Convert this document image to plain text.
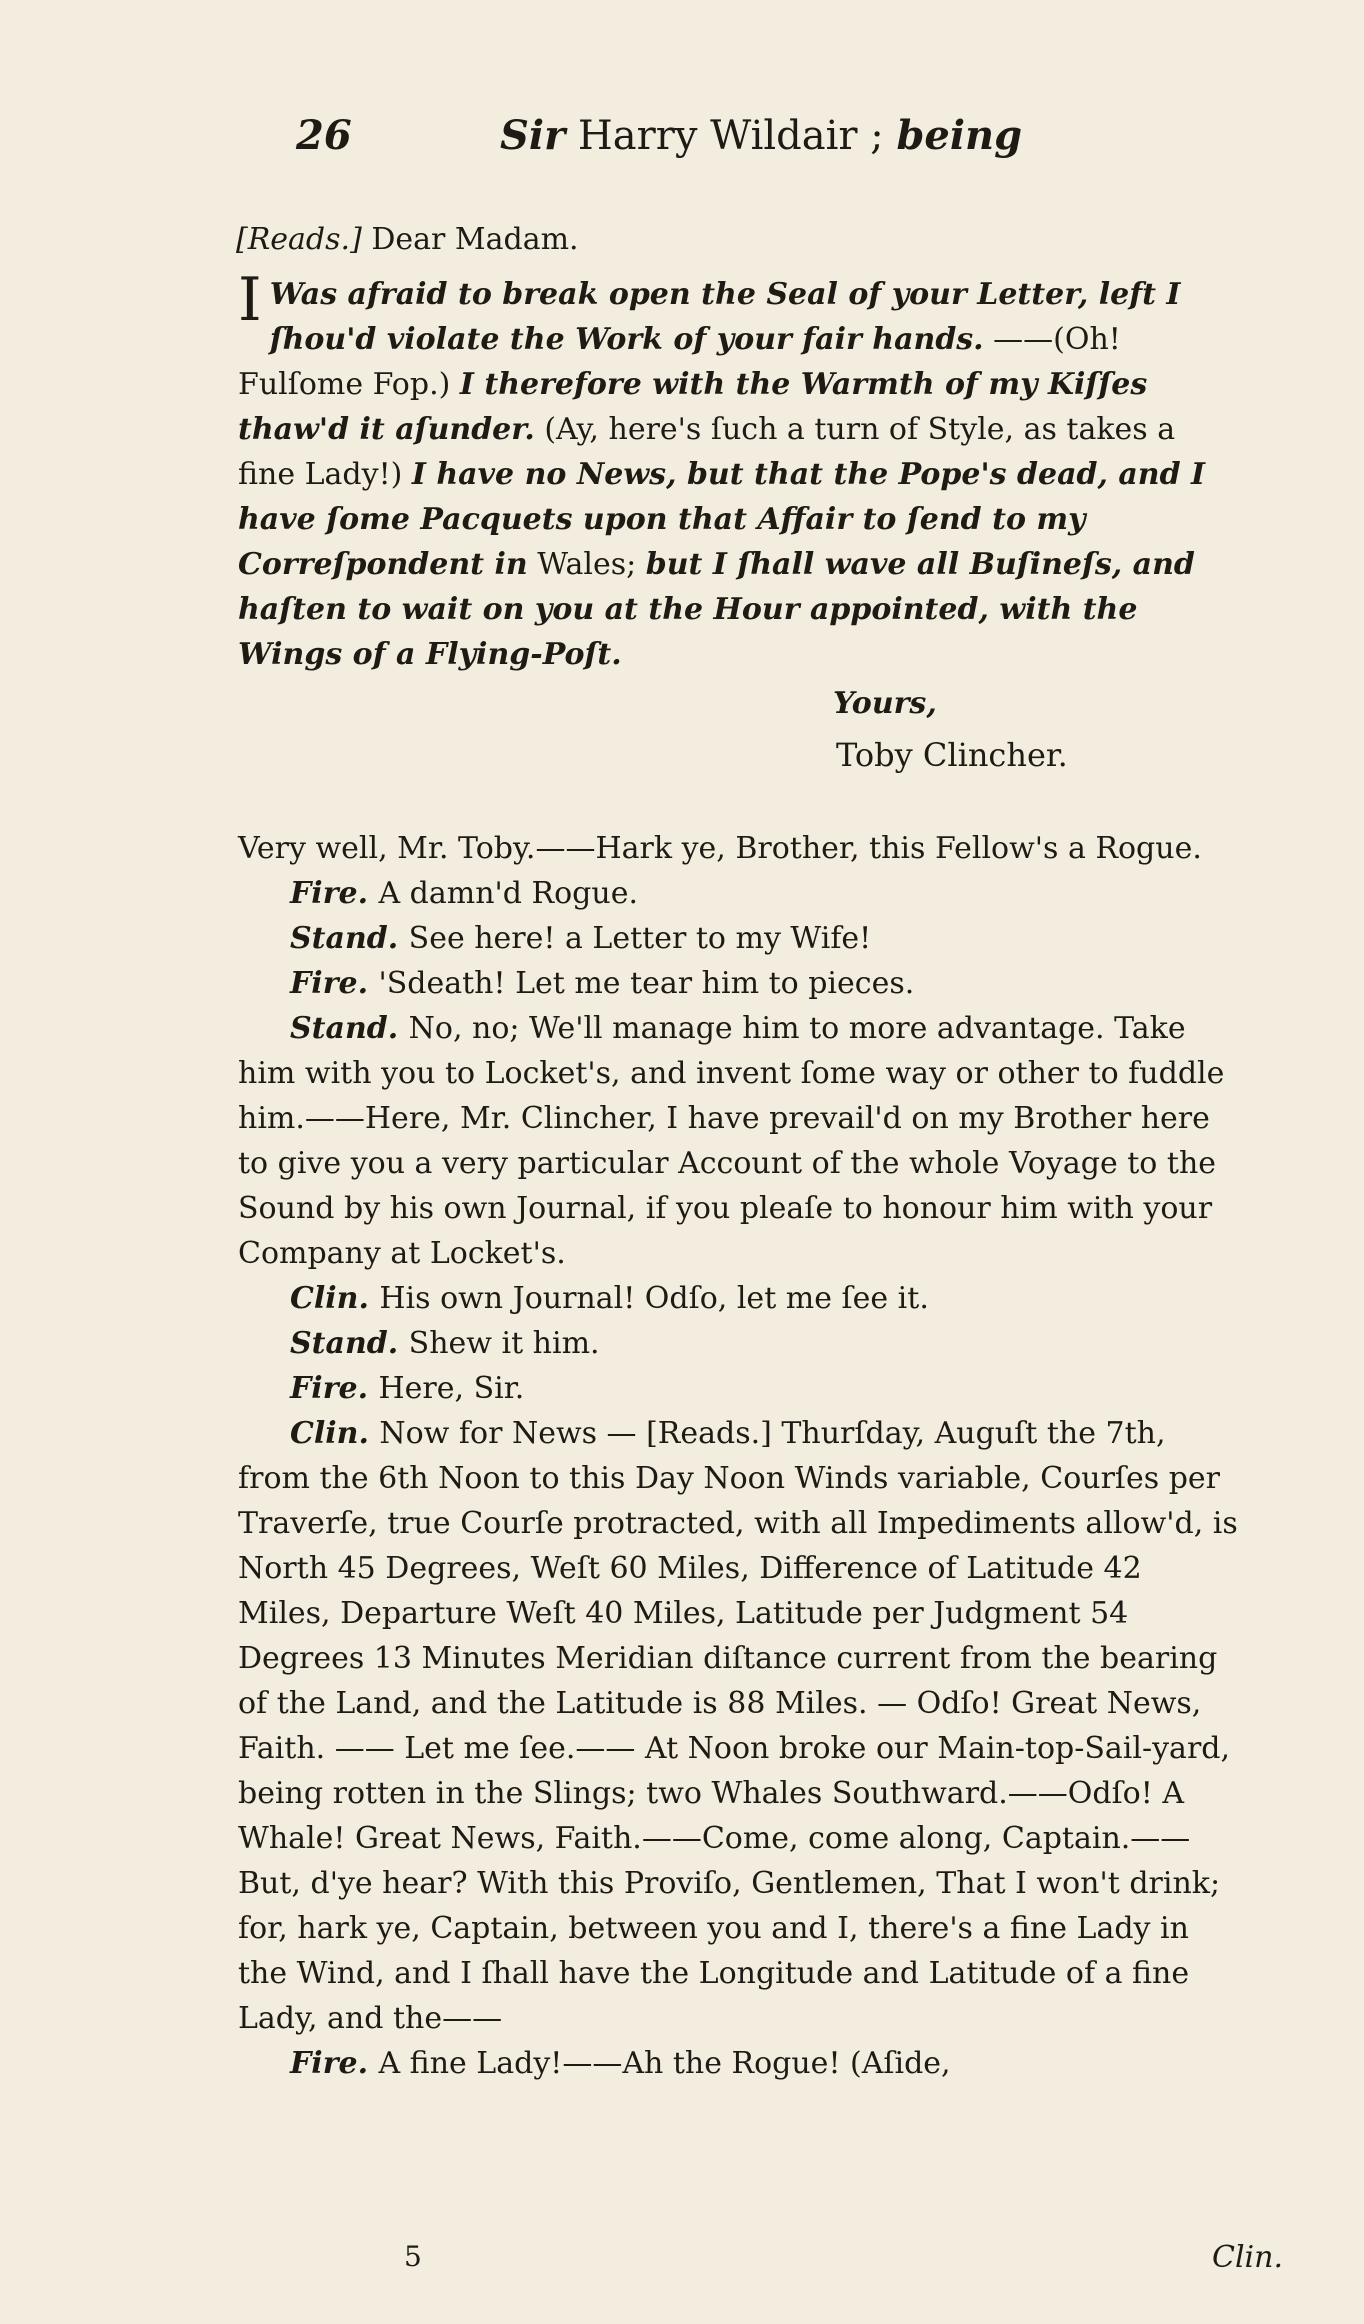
26	Sir Harry Wildair ; being
[Reads.] Dear Madam.
I Was afraid to break open the Seal of your Letter, left I ſhou'd violate the Work of your fair hands. ——(Oh! Fulſome Fop.) I therefore with the Warmth of my Kiſſes thaw'd it aſunder. (Ay, here's ſuch a turn of Style, as takes a fine Lady!) I have no News, but that the Pope's dead, and I have ſome Pacquets upon that Affair to ſend to my Correſpondent in Wales; but I ſhall wave all Buſineſs, and haſten to wait on you at the Hour appointed, with the Wings of a Flying-Poſt.
Yours,
Toby Clincher.

Very well, Mr. Toby.——Hark ye, Brother, this Fellow's a Rogue.

Fire. A damn'd Rogue.

Stand. See here! a Letter to my Wife!

Fire. 'Sdeath! Let me tear him to pieces.

Stand. No, no; We'll manage him to more advantage. Take him with you to Locket's, and invent ſome way or other to fuddle him.——Here, Mr. Clincher, I have prevail'd on my Brother here to give you a very particular Account of the whole Voyage to the Sound by his own Journal, if you pleaſe to honour him with your Company at Locket's.

Clin. His own Journal! Odſo, let me ſee it.

Stand. Shew it him.

Fire. Here, Sir.

Clin. Now for News — [Reads.] Thurſday, Auguſt the 7th, from the 6th Noon to this Day Noon Winds variable, Courſes per Traverſe, true Courſe protracted, with all Impediments allow'd, is North 45 Degrees, Weſt 60 Miles, Difference of Latitude 42 Miles, Departure Weſt 40 Miles, Latitude per Judgment 54 Degrees 13 Minutes Meridian diſtance current from the bearing of the Land, and the Latitude is 88 Miles. — Odſo! Great News, Faith. —— Let me ſee.—— At Noon broke our Main-top-Sail-yard, being rotten in the Slings; two Whales Southward.——Odſo! A Whale! Great News, Faith.——Come, come along, Captain.——But, d'ye hear? With this Proviſo, Gentlemen, That I won't drink; for, hark ye, Captain, between you and I, there's a fine Lady in the Wind, and I ſhall have the Longitude and Latitude of a fine Lady, and the——

Fire. A fine Lady!——Ah the Rogue! (Aſide,

5	Clin.
